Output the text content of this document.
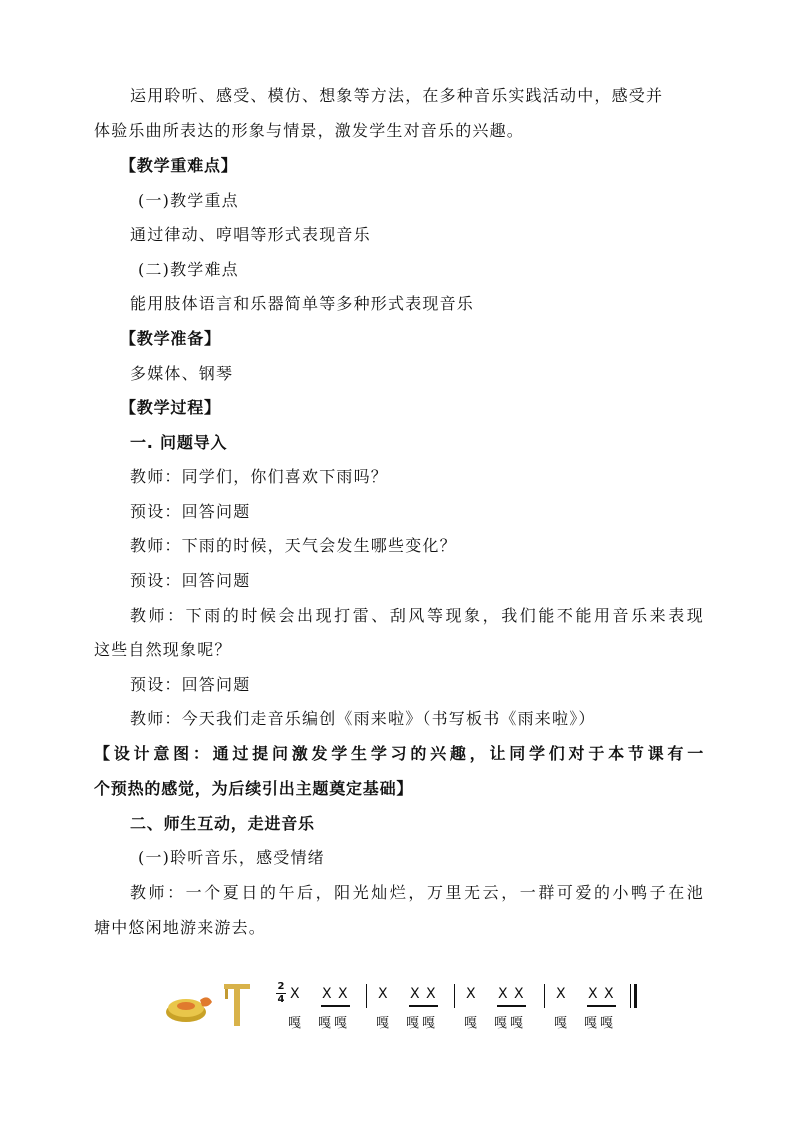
运用聆听、感受、模仿、想象等方法，在多种音乐实践活动中，感受并
体验乐曲所表达的形象与情景，激发学生对音乐的兴趣。
【教学重难点】
(一)教学重点
通过律动、哼唱等形式表现音乐
(二)教学难点
能用肢体语言和乐器简单等多种形式表现音乐
【教学准备】
多媒体、钢琴
【教学过程】
一. 问题导入
教师：同学们，你们喜欢下雨吗？
预设：回答问题
教师：下雨的时候，天气会发生哪些变化？
预设：回答问题
教师：下雨的时候会出现打雷、刮风等现象，我们能不能用音乐来表现
这些自然现象呢？
预设：回答问题
教师：今天我们走音乐编创《雨来啦》（书写板书《雨来啦》）
【设计意图：通过提问激发学生学习的兴趣，让同学们对于本节课有一
个预热的感觉，为后续引出主题奠定基础】
二、师生互动，走进音乐
(一)聆听音乐，感受情绪
教师：一个夏日的午后，阳光灿烂，万里无云，一群可爱的小鸭子在池
塘中悠闲地游来游去。
2
4 X X X X X X X X X X X X
嘎 嘎 嘎 嘎 嘎 嘎 嘎 嘎 嘎 嘎 嘎 嘎
